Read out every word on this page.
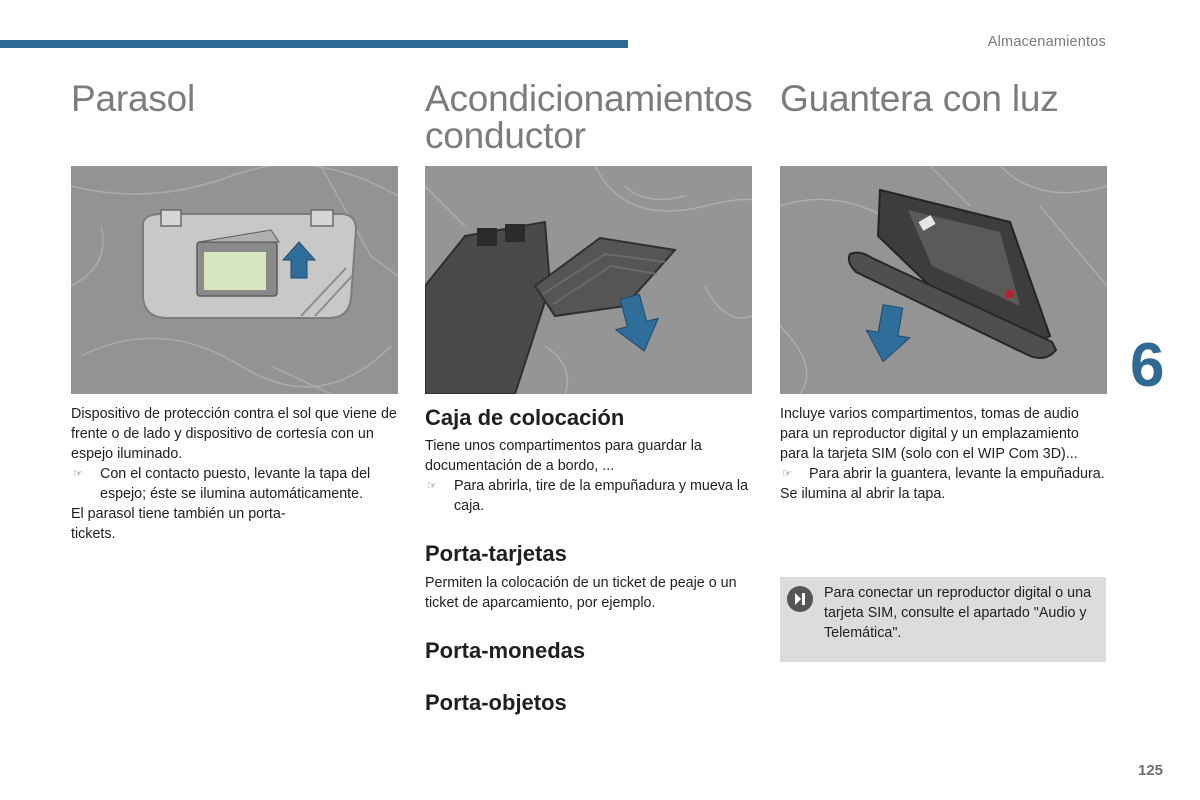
Almacenamientos
Parasol

Dispositivo de protección contra el sol que viene de frente o de lado y dispositivo de cortesía con un espejo iluminado.

☞	Con el contacto puesto, levante la tapa del espejo; éste se ilumina automáticamente.

El parasol tiene también un porta-tickets.

Acondicionamientos
conductor
Caja de colocación

Tiene unos compartimentos para guardar la documentación de a bordo, ...

☞	Para abrirla, tire de la empuñadura y mueva la caja.
Porta-tarjetas

Permiten la colocación de un ticket de peaje o un ticket de aparcamiento, por ejemplo.

Porta-monedas
Porta-objetos
Guantera con luz

Incluye varios compartimentos, tomas de audio para un reproductor digital y un emplazamiento para la tarjeta SIM (solo con el WIP Com 3D)...

☞	Para abrir la guantera, levante la empuñadura.

Se ilumina al abrir la tapa.

Para conectar un reproductor digital o una tarjeta SIM, consulte el apartado "Audio y Telemática".

6
125
